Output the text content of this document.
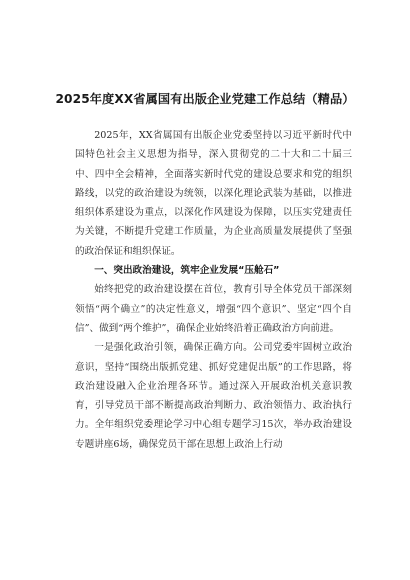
2025年度XX省属国有出版企业党建工作总结（精品）

2025年，XX省属国有出版企业党委坚持以习近平新时代中国特色社会主义思想为指导，深入贯彻党的二十大和二十届三中、四中全会精神，全面落实新时代党的建设总要求和党的组织路线，以党的政治建设为统领，以深化理论武装为基础，以推进组织体系建设为重点，以深化作风建设为保障，以压实党建责任为关键，不断提升党建工作质量，为企业高质量发展提供了坚强的政治保证和组织保证。

一、突出政治建设，筑牢企业发展“压舱石”

始终把党的政治建设摆在首位，教育引导全体党员干部深刻领悟“两个确立”的决定性意义，增强“四个意识”、坚定“四个自信”、做到“两个维护”，确保企业始终沿着正确政治方向前进。

一是强化政治引领，确保正确方向。公司党委牢固树立政治意识，坚持“围绕出版抓党建、抓好党建促出版”的工作思路，将政治建设融入企业治理各环节。通过深入开展政治机关意识教育，引导党员干部不断提高政治判断力、政治领悟力、政治执行力。全年组织党委理论学习中心组专题学习15次，举办政治建设专题讲座6场，确保党员干部在思想上政治上行动
